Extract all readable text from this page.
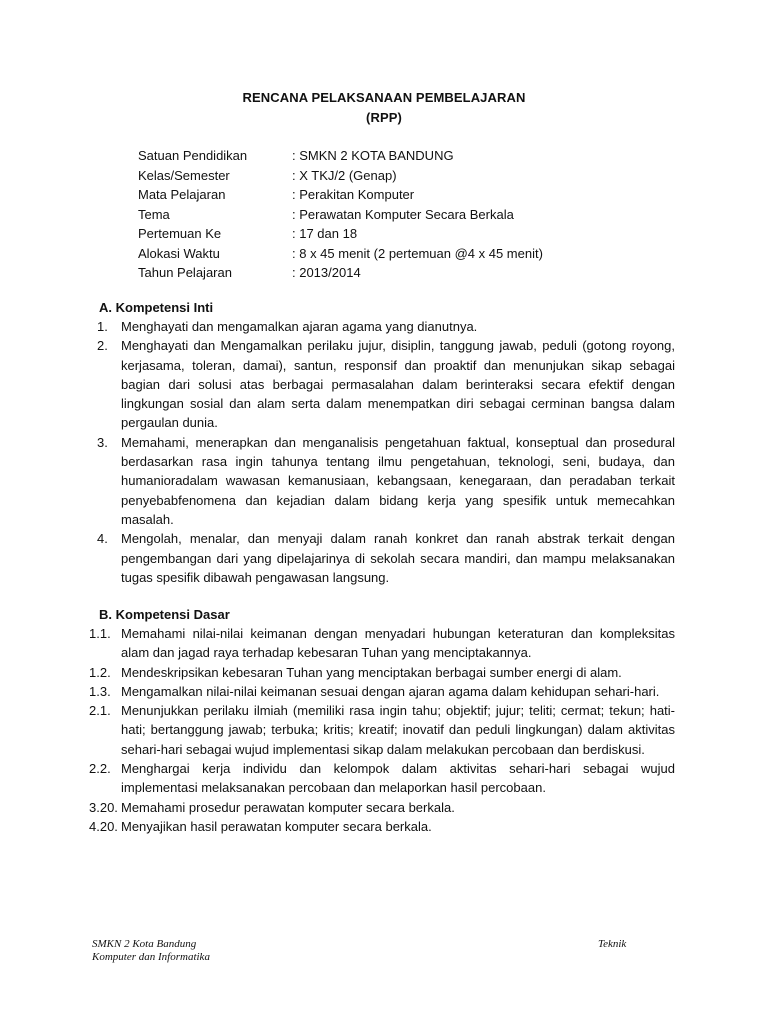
RENCANA PELAKSANAAN PEMBELAJARAN
(RPP)
Satuan Pendidikan	: SMKN 2 KOTA BANDUNG
Kelas/Semester	: X TKJ/2 (Genap)
Mata Pelajaran	: Perakitan Komputer
Tema	: Perawatan Komputer Secara Berkala
Pertemuan Ke	: 17 dan 18
Alokasi Waktu	: 8 x 45 menit (2 pertemuan @4 x 45 menit)
Tahun Pelajaran	: 2013/2014
A. Kompetensi Inti
1. Menghayati dan mengamalkan ajaran agama yang dianutnya.
2. Menghayati dan Mengamalkan perilaku jujur, disiplin, tanggung jawab, peduli (gotong royong, kerjasama, toleran, damai), santun, responsif dan proaktif dan menunjukan sikap sebagai bagian dari solusi atas berbagai permasalahan dalam berinteraksi secara efektif dengan lingkungan sosial dan alam serta dalam menempatkan diri sebagai cerminan bangsa dalam pergaulan dunia.
3. Memahami, menerapkan dan menganalisis pengetahuan faktual, konseptual dan prosedural berdasarkan rasa ingin tahunya tentang ilmu pengetahuan, teknologi, seni, budaya, dan humanioradalam wawasan kemanusiaan, kebangsaan, kenegaraan, dan peradaban terkait penyebabfenomena dan kejadian dalam bidang kerja yang spesifik untuk memecahkan masalah.
4. Mengolah, menalar, dan menyaji dalam ranah konkret dan ranah abstrak terkait dengan pengembangan dari yang dipelajarinya di sekolah secara mandiri, dan mampu melaksanakan tugas spesifik dibawah pengawasan langsung.
B. Kompetensi Dasar
1.1. Memahami nilai-nilai keimanan dengan menyadari hubungan keteraturan dan kompleksitas alam dan jagad raya terhadap kebesaran Tuhan yang menciptakannya.
1.2. Mendeskripsikan kebesaran Tuhan yang menciptakan berbagai sumber energi di alam.
1.3. Mengamalkan nilai-nilai keimanan sesuai dengan ajaran agama dalam kehidupan sehari-hari.
2.1. Menunjukkan perilaku ilmiah (memiliki rasa ingin tahu; objektif; jujur; teliti; cermat; tekun; hati-hati; bertanggung jawab; terbuka; kritis; kreatif; inovatif dan peduli lingkungan) dalam aktivitas sehari-hari sebagai wujud implementasi sikap dalam melakukan percobaan dan berdiskusi.
2.2. Menghargai kerja individu dan kelompok dalam aktivitas sehari-hari sebagai wujud implementasi melaksanakan percobaan dan melaporkan hasil percobaan.
3.20. Memahami prosedur perawatan komputer secara berkala.
4.20. Menyajikan hasil perawatan komputer secara berkala.
SMKN 2 Kota Bandung
Komputer dan Informatika
Teknik
